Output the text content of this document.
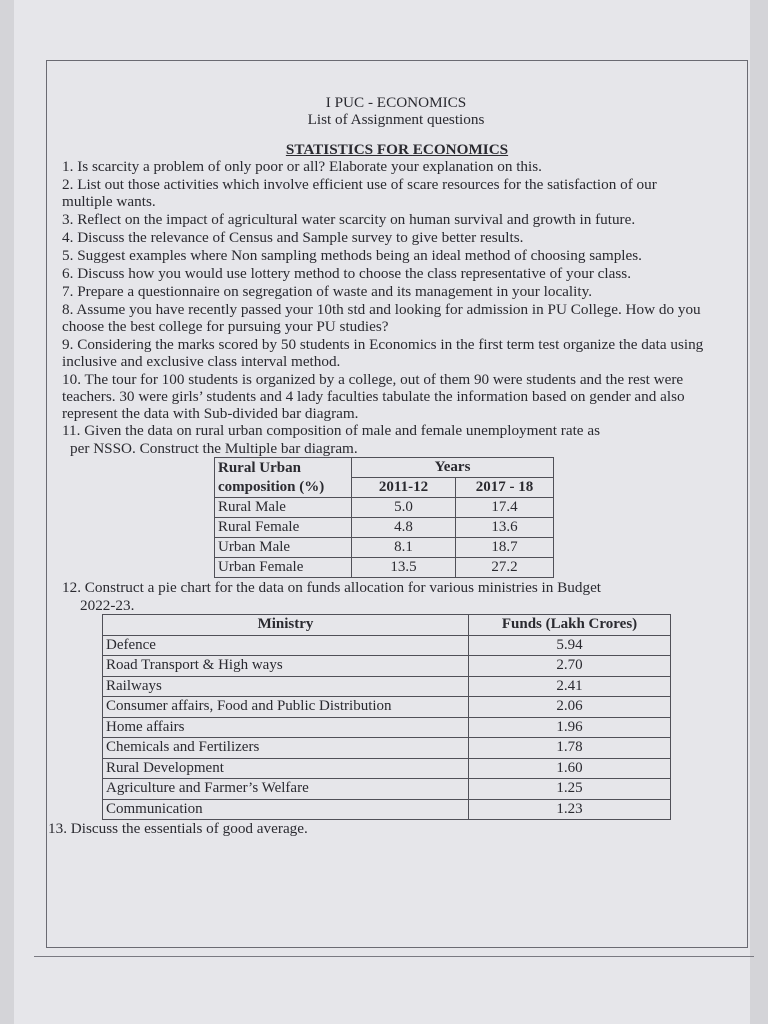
I PUC - ECONOMICS

List of Assignment questions

STATISTICS FOR ECONOMICS

1. Is scarcity a problem of only poor or all? Elaborate your explanation on this.

2. List out those activities which involve efficient use of scare resources for the satisfaction of our multiple wants.

3. Reflect on the impact of agricultural water scarcity on human survival and growth in future.

4. Discuss the relevance of Census and Sample survey to give better results.

5. Suggest examples where Non sampling methods being an ideal method of choosing samples.

6. Discuss how you would use lottery method to choose the class representative of your class.

7. Prepare a questionnaire on segregation of waste and its management in your locality.

8. Assume you have recently passed your 10th std and looking for admission in PU College. How do you choose the best college for pursuing your PU studies?

9. Considering the marks scored by 50 students in Economics in the first term test organize the data using inclusive and exclusive class interval method.

10. The tour for 100 students is organized by a college, out of them 90 were students and the rest were teachers. 30 were girls’ students and 4 lady faculties tabulate the information based on gender and also represent the data with Sub-divided bar diagram.

11. Given the data on rural urban composition of male and female unemployment rate as

per NSSO. Construct the Multiple bar diagram.

Rural Urban composition (%)	Years	
	2011-12	2017 - 18
Rural Male	5.0	17.4
Rural Female	4.8	13.6
Urban Male	8.1	18.7
Urban Female	13.5	27.2

12. Construct a pie chart for the data on funds allocation for various ministries in Budget

2022-23.

Ministry	Funds (Lakh Crores)
Defence	5.94
Road Transport & High ways	2.70
Railways	2.41
Consumer affairs, Food and Public Distribution	2.06
Home affairs	1.96
Chemicals and Fertilizers	1.78
Rural Development	1.60
Agriculture and Farmer’s Welfare	1.25
Communication	1.23

13. Discuss the essentials of good average.
